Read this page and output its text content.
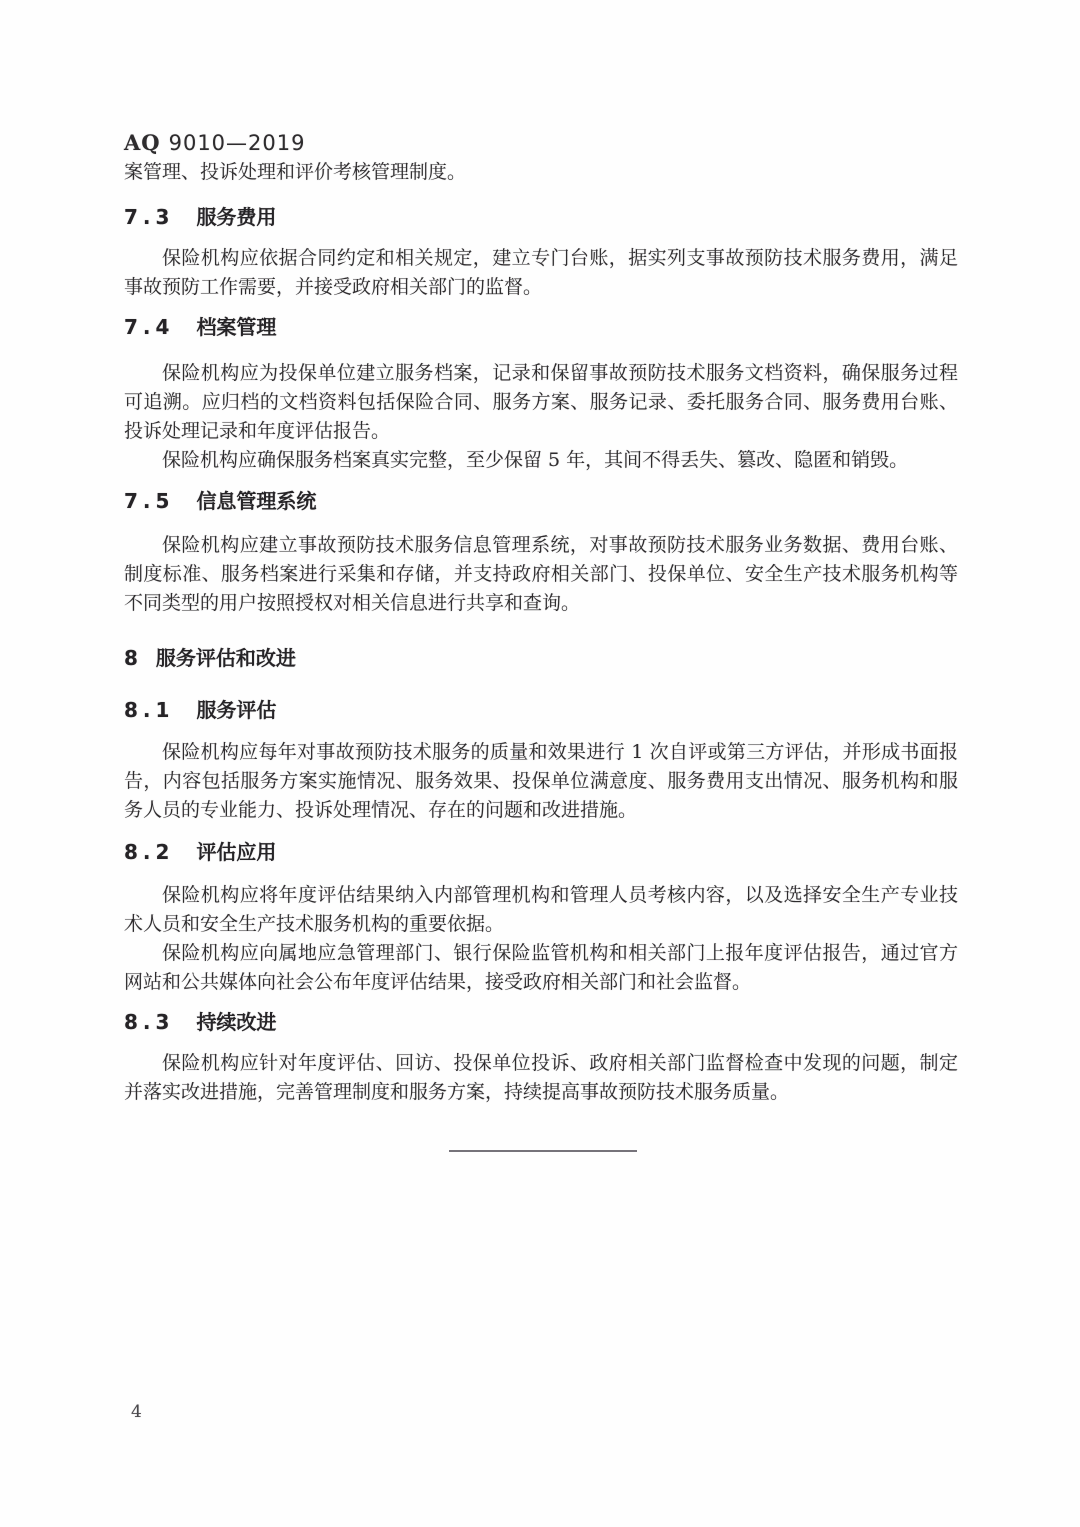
AQ 9010—2019

案管理、投诉处理和评价考核管理制度。

7.3 服务费用

保险机构应依据合同约定和相关规定，建立专门台账，据实列支事故预防技术服务费用，满足事故预防工作需要，并接受政府相关部门的监督。

7.4 档案管理

保险机构应为投保单位建立服务档案，记录和保留事故预防技术服务文档资料，确保服务过程可追溯。应归档的文档资料包括保险合同、服务方案、服务记录、委托服务合同、服务费用台账、投诉处理记录和年度评估报告。

保险机构应确保服务档案真实完整，至少保留 5 年，其间不得丢失、篡改、隐匿和销毁。

7.5 信息管理系统

保险机构应建立事故预防技术服务信息管理系统，对事故预防技术服务业务数据、费用台账、制度标准、服务档案进行采集和存储，并支持政府相关部门、投保单位、安全生产技术服务机构等不同类型的用户按照授权对相关信息进行共享和查询。

8 服务评估和改进
8.1 服务评估

保险机构应每年对事故预防技术服务的质量和效果进行 1 次自评或第三方评估，并形成书面报告，内容包括服务方案实施情况、服务效果、投保单位满意度、服务费用支出情况、服务机构和服务人员的专业能力、投诉处理情况、存在的问题和改进措施。

8.2 评估应用

保险机构应将年度评估结果纳入内部管理机构和管理人员考核内容，以及选择安全生产专业技术人员和安全生产技术服务机构的重要依据。

保险机构应向属地应急管理部门、银行保险监管机构和相关部门上报年度评估报告，通过官方网站和公共媒体向社会公布年度评估结果，接受政府相关部门和社会监督。

8.3 持续改进

保险机构应针对年度评估、回访、投保单位投诉、政府相关部门监督检查中发现的问题，制定并落实改进措施，完善管理制度和服务方案，持续提高事故预防技术服务质量。

4
